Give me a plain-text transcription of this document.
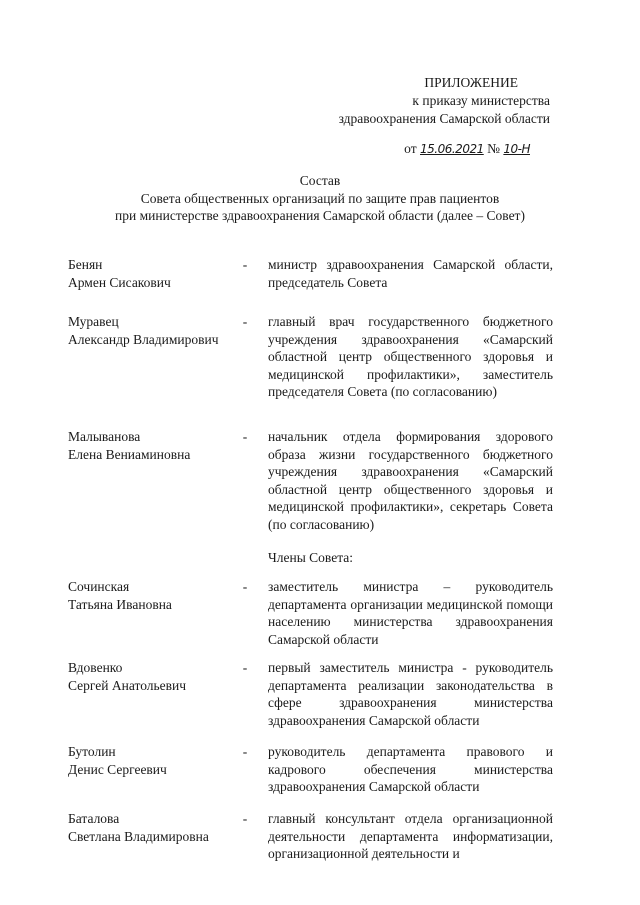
ПРИЛОЖЕНИЕ
к приказу министерства
здравоохранения Самарской области
от 15.06.2021 № 10-Н
Состав
Совета общественных организаций по защите прав пациентов
при министерстве здравоохранения Самарской области (далее – Совет)
Бенян
Армен Сисакович
- министр здравоохранения Самарской области, председатель Совета
Муравец
Александр Владимирович
- главный врач государственного бюджетного учреждения здравоохранения «Самарский областной центр общественного здоровья и медицинской профилактики», заместитель председателя Совета (по согласованию)
Малыванова
Елена Вениаминовна
- начальник отдела формирования здорового образа жизни государственного бюджетного учреждения здравоохранения «Самарский областной центр общественного здоровья и медицинской профилактики», секретарь Совета (по согласованию)
Члены Совета:
Сочинская
Татьяна Ивановна
- заместитель министра – руководитель департамента организации медицинской помощи населению министерства здравоохранения Самарской области
Вдовенко
Сергей Анатольевич
- первый заместитель министра - руководитель департамента реализации законодательства в сфере здравоохранения министерства здравоохранения Самарской области
Бутолин
Денис Сергеевич
- руководитель департамента правового и кадрового обеспечения министерства здравоохранения Самарской области
Баталова
Светлана Владимировна
- главный консультант отдела организационной деятельности департамента информатизации, организационной деятельности и
